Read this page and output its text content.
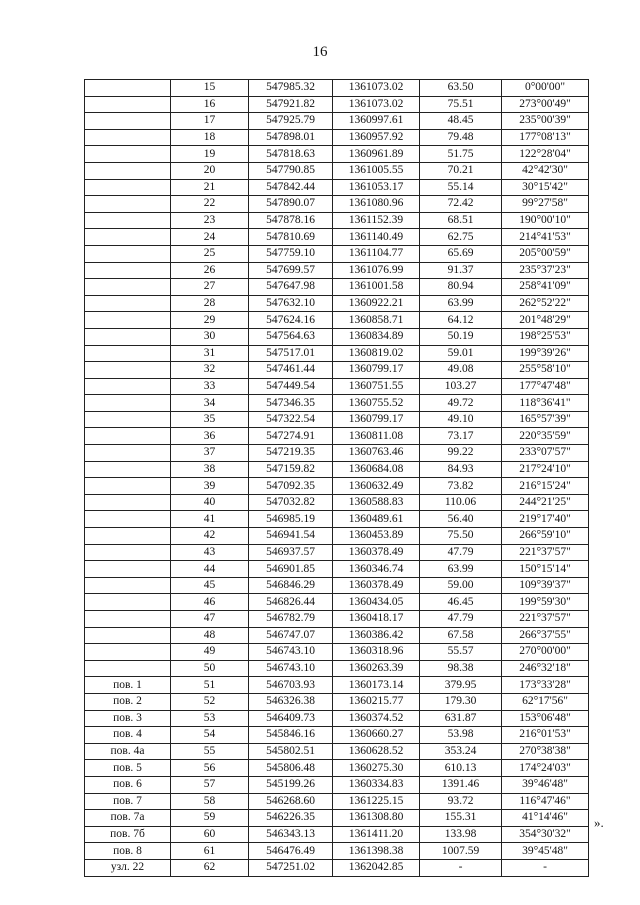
16
	15	547985.32	1361073.02	63.50	0°00'00"
	16	547921.82	1361073.02	75.51	273°00'49"
	17	547925.79	1360997.61	48.45	235°00'39"
	18	547898.01	1360957.92	79.48	177°08'13"
	19	547818.63	1360961.89	51.75	122°28'04"
	20	547790.85	1361005.55	70.21	42°42'30"
	21	547842.44	1361053.17	55.14	30°15'42"
	22	547890.07	1361080.96	72.42	99°27'58"
	23	547878.16	1361152.39	68.51	190°00'10"
	24	547810.69	1361140.49	62.75	214°41'53"
	25	547759.10	1361104.77	65.69	205°00'59"
	26	547699.57	1361076.99	91.37	235°37'23"
	27	547647.98	1361001.58	80.94	258°41'09"
	28	547632.10	1360922.21	63.99	262°52'22"
	29	547624.16	1360858.71	64.12	201°48'29"
	30	547564.63	1360834.89	50.19	198°25'53"
	31	547517.01	1360819.02	59.01	199°39'26"
	32	547461.44	1360799.17	49.08	255°58'10"
	33	547449.54	1360751.55	103.27	177°47'48"
	34	547346.35	1360755.52	49.72	118°36'41"
	35	547322.54	1360799.17	49.10	165°57'39"
	36	547274.91	1360811.08	73.17	220°35'59"
	37	547219.35	1360763.46	99.22	233°07'57"
	38	547159.82	1360684.08	84.93	217°24'10"
	39	547092.35	1360632.49	73.82	216°15'24"
	40	547032.82	1360588.83	110.06	244°21'25"
	41	546985.19	1360489.61	56.40	219°17'40"
	42	546941.54	1360453.89	75.50	266°59'10"
	43	546937.57	1360378.49	47.79	221°37'57"
	44	546901.85	1360346.74	63.99	150°15'14"
	45	546846.29	1360378.49	59.00	109°39'37"
	46	546826.44	1360434.05	46.45	199°59'30"
	47	546782.79	1360418.17	47.79	221°37'57"
	48	546747.07	1360386.42	67.58	266°37'55"
	49	546743.10	1360318.96	55.57	270°00'00"
	50	546743.10	1360263.39	98.38	246°32'18"
пов. 1	51	546703.93	1360173.14	379.95	173°33'28"
пов. 2	52	546326.38	1360215.77	179.30	62°17'56"
пов. 3	53	546409.73	1360374.52	631.87	153°06'48"
пов. 4	54	545846.16	1360660.27	53.98	216°01'53"
пов. 4а	55	545802.51	1360628.52	353.24	270°38'38"
пов. 5	56	545806.48	1360275.30	610.13	174°24'03"
пов. 6	57	545199.26	1360334.83	1391.46	39°46'48"
пов. 7	58	546268.60	1361225.15	93.72	116°47'46"
пов. 7а	59	546226.35	1361308.80	155.31	41°14'46"
пов. 7б	60	546343.13	1361411.20	133.98	354°30'32"
пов. 8	61	546476.49	1361398.38	1007.59	39°45'48"
узл. 22	62	547251.02	1362042.85	-	-
».
